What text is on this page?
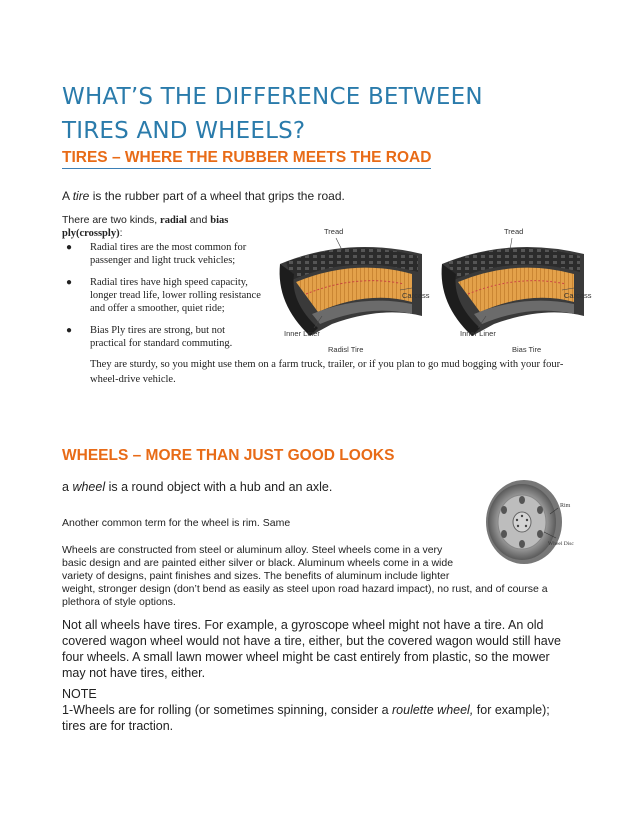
WHAT’S THE DIFFERENCE BETWEEN
TIRES AND WHEELS?
TIRES – WHERE THE RUBBER MEETS THE ROAD

A tire is the rubber part of a wheel that grips the road.

There are two kinds, radial and bias ply(crossply):

● Radial tires are the most common for passenger and light truck vehicles;
● Radial tires have high speed capacity, longer tread life, lower rolling resistance and offer a smoother, quiet ride;
● Bias Ply tires are strong, but not practical for standard commuting.

They are sturdy, so you might use them on a farm truck, trailer, or if you plan to go mud bogging with your four-wheel-drive vehicle.

Tread	Tread
Carcass	Carcass
Inner Liner	Inner Liner
Radisl Tire	Bias Tire
WHEELS – MORE THAN JUST GOOD LOOKS

a wheel is a round object with a hub and an axle.

Another common term for the wheel is rim. Same

Wheels are constructed from steel or aluminum alloy. Steel wheels come in a very
basic design and are painted either silver or black. Aluminum wheels come in a wide
variety of designs, paint finishes and sizes. The benefits of aluminum include lighter
weight, stronger design (don’t bend as easily as steel upon road hazard impact), no rust, and of course a
plethora of style options.
Rim
Wheel Disc
Not all wheels have tires. For example, a gyroscope wheel might not have a tire. An old
covered wagon wheel would not have a tire, either, but the covered wagon would still have
four wheels. A small lawn mower wheel might be cast entirely from plastic, so the mower
may not have tires, either.
NOTE
1-Wheels are for rolling (or sometimes spinning, consider a roulette wheel, for example);
tires are for traction.
